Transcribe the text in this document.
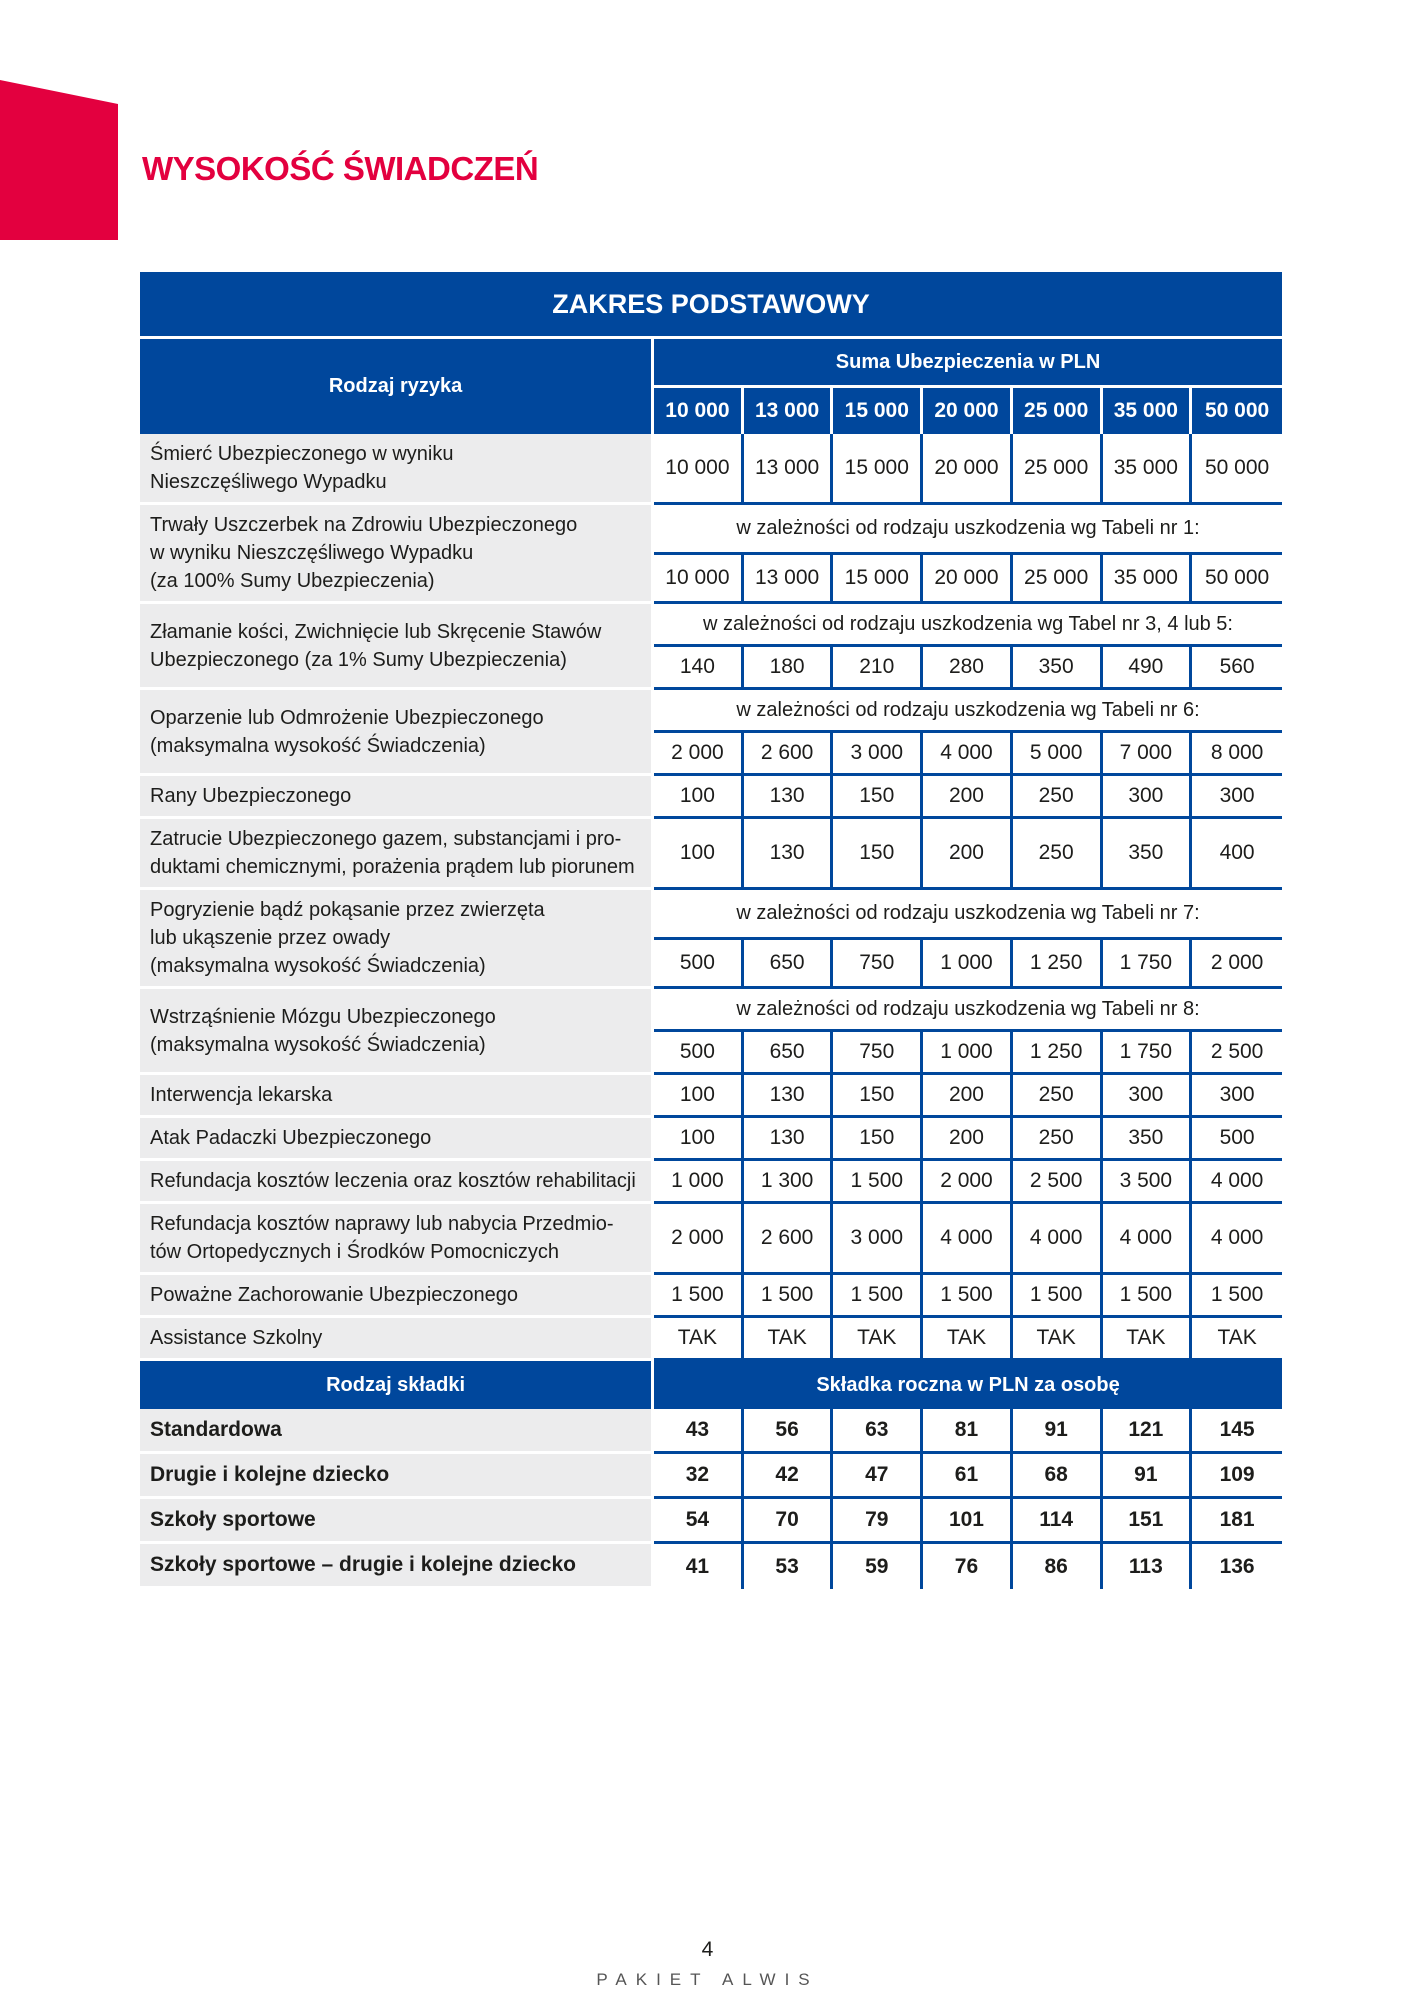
WYSOKOŚĆ ŚWIADCZEŃ
ZAKRES PODSTAWOWY							
Rodzaj ryzyka	Suma Ubezpieczenia w PLN						
	10 000	13 000	15 000	20 000	25 000	35 000	50 000

Śmierć Ubezpieczonego w wyniku
Nieszczęśliwego Wypadku	10 000	13 000	15 000	20 000	25 000	35 000	50 000

Trwały Uszczerbek na Zdrowiu Ubezpieczonego
w wyniku Nieszczęśliwego Wypadku
(za 100% Sumy Ubezpieczenia)	w zależności od rodzaju uszkodzenia wg Tabeli nr 1:						
	10 000	13 000	15 000	20 000	25 000	35 000	50 000

Złamanie kości, Zwichnięcie lub Skręcenie Stawów
Ubezpieczonego (za 1% Sumy Ubezpieczenia)	w zależności od rodzaju uszkodzenia wg Tabel nr 3, 4 lub 5:						
	140	180	210	280	350	490	560

Oparzenie lub Odmrożenie Ubezpieczonego
(maksymalna wysokość Świadczenia)	w zależności od rodzaju uszkodzenia wg Tabeli nr 6:						
	2 000	2 600	3 000	4 000	5 000	7 000	8 000

Rany Ubezpieczonego	100	130	150	200	250	300	300

Zatrucie Ubezpieczonego gazem, substancjami i pro-
duktami chemicznymi, porażenia prądem lub piorunem	100	130	150	200	250	350	400

Pogryzienie bądź pokąsanie przez zwierzęta
lub ukąszenie przez owady
(maksymalna wysokość Świadczenia)	w zależności od rodzaju uszkodzenia wg Tabeli nr 7:						
	500	650	750	1 000	1 250	1 750	2 000

Wstrząśnienie Mózgu Ubezpieczonego
(maksymalna wysokość Świadczenia)	w zależności od rodzaju uszkodzenia wg Tabeli nr 8:						
	500	650	750	1 000	1 250	1 750	2 500

Interwencja lekarska	100	130	150	200	250	300	300

Atak Padaczki Ubezpieczonego	100	130	150	200	250	350	500

Refundacja kosztów leczenia oraz kosztów rehabilitacji	1 000	1 300	1 500	2 000	2 500	3 500	4 000

Refundacja kosztów naprawy lub nabycia Przedmio-
tów Ortopedycznych i Środków Pomocniczych	2 000	2 600	3 000	4 000	4 000	4 000	4 000

Poważne Zachorowanie Ubezpieczonego	1 500	1 500	1 500	1 500	1 500	1 500	1 500

Assistance Szkolny	TAK	TAK	TAK	TAK	TAK	TAK	TAK
Rodzaj składki	Składka roczna w PLN za osobę						
Standardowa	43	56	63	81	91	121	145
Drugie i kolejne dziecko	32	42	47	61	68	91	109
Szkoły sportowe	54	70	79	101	114	151	181
Szkoły sportowe – drugie i kolejne dziecko	41	53	59	76	86	113	136
4
PAKIET ALWIS
